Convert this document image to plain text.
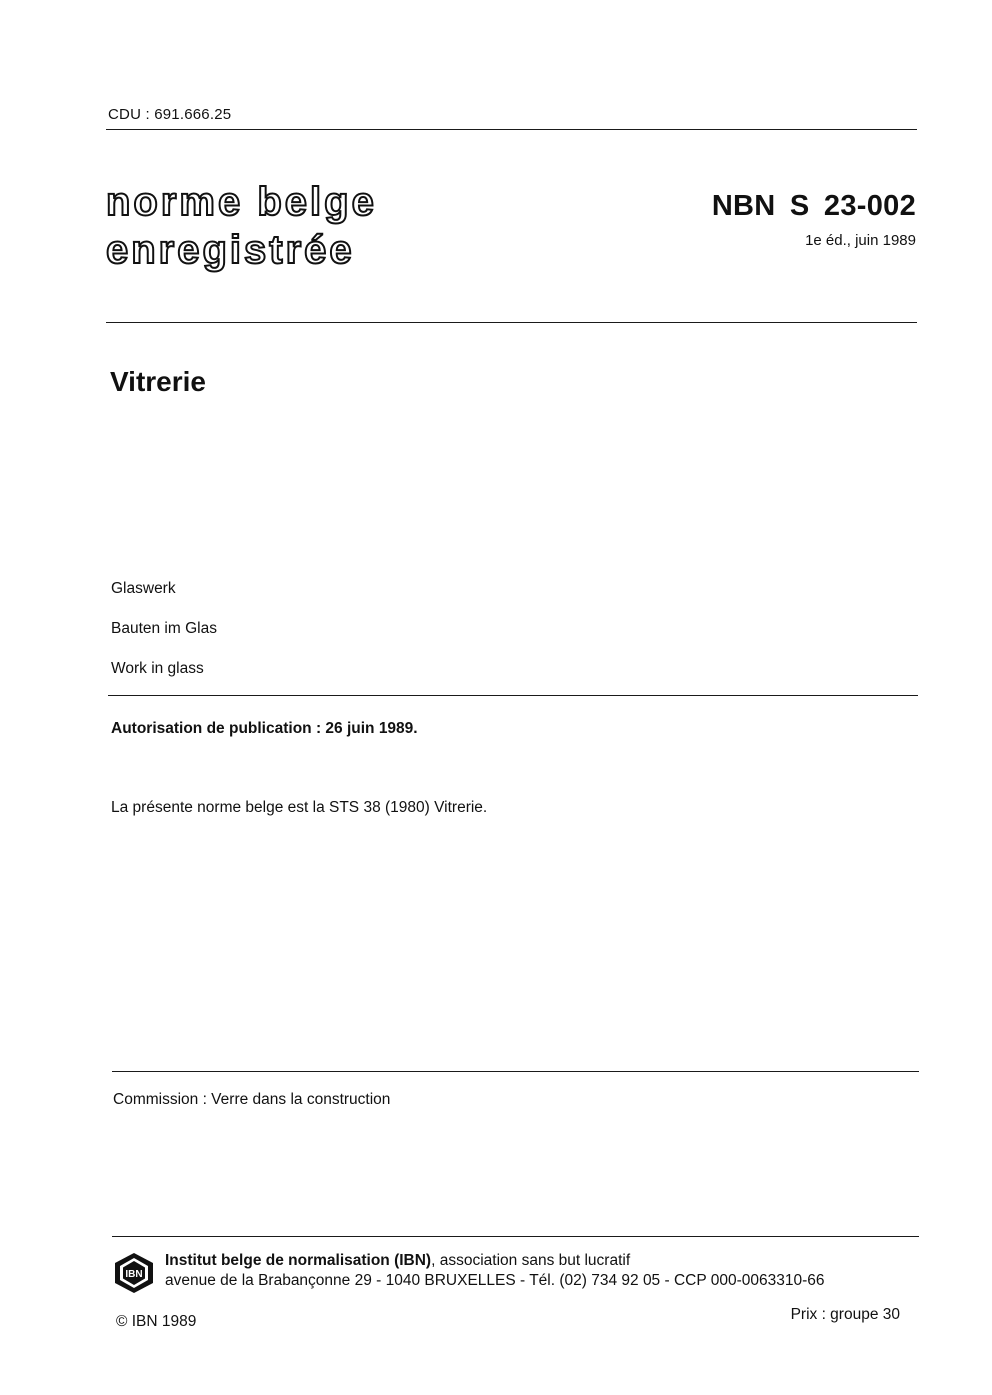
CDU : 691.666.25
norme belge
enregistrée
NBN S 23-002
1e éd., juin 1989
Vitrerie
Glaswerk
Bauten im Glas
Work in glass
Autorisation de publication : 26 juin 1989.
La présente norme belge est la STS 38 (1980) Vitrerie.
Commission : Verre dans la construction
IBN
Institut belge de normalisation (IBN), association sans but lucratif
avenue de la Brabançonne 29 - 1040 BRUXELLES - Tél. (02) 734 92 05 - CCP 000-0063310-66
© IBN 1989	Prix : groupe 30
